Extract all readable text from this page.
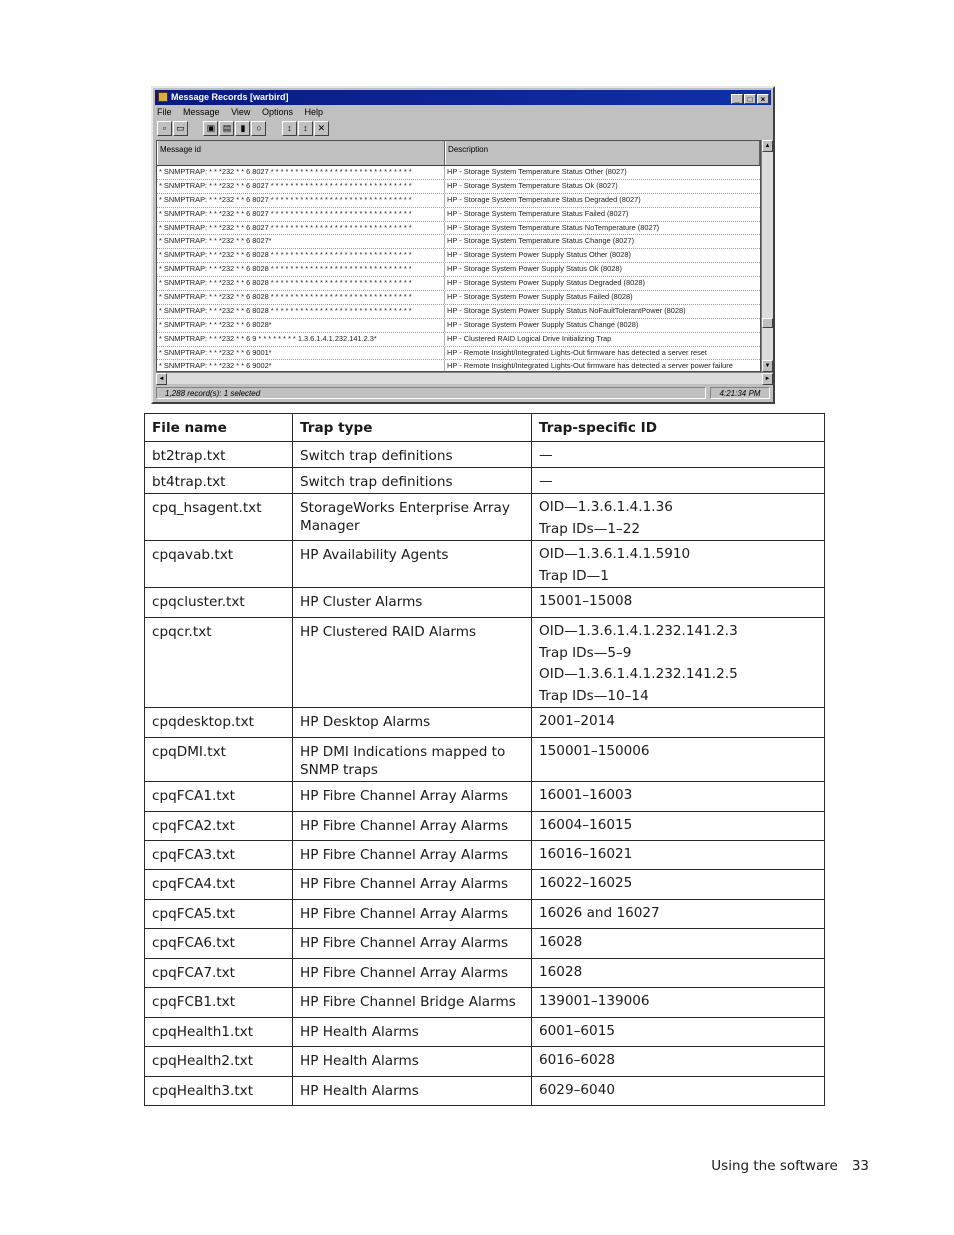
Message Records [warbird]	_ □ ×
File Message View Options Help
▫ ▭ ▣ ▤ ▮ ○	↕ ↕ ✕
Message id	Description
* SNMPTRAP: * * *232 * * 6 8027 * * * * * * * * * * * * * * * * * * * * * * * * * * * * *	HP - Storage System Temperature Status Other (8027)
* SNMPTRAP: * * *232 * * 6 8027 * * * * * * * * * * * * * * * * * * * * * * * * * * * * *	HP - Storage System Temperature Status Ok (8027)
* SNMPTRAP: * * *232 * * 6 8027 * * * * * * * * * * * * * * * * * * * * * * * * * * * * *	HP - Storage System Temperature Status Degraded (8027)
* SNMPTRAP: * * *232 * * 6 8027 * * * * * * * * * * * * * * * * * * * * * * * * * * * * *	HP - Storage System Temperature Status Failed (8027)
* SNMPTRAP: * * *232 * * 6 8027 * * * * * * * * * * * * * * * * * * * * * * * * * * * * *	HP - Storage System Temperature Status NoTemperature (8027)
* SNMPTRAP: * * *232 * * 6 8027*	HP - Storage System Temperature Status Change (8027)
* SNMPTRAP: * * *232 * * 6 8028 * * * * * * * * * * * * * * * * * * * * * * * * * * * * *	HP - Storage System Power Supply Status Other (8028)
* SNMPTRAP: * * *232 * * 6 8028 * * * * * * * * * * * * * * * * * * * * * * * * * * * * *	HP - Storage System Power Supply Status Ok (8028)
* SNMPTRAP: * * *232 * * 6 8028 * * * * * * * * * * * * * * * * * * * * * * * * * * * * *	HP - Storage System Power Supply Status Degraded (8028)
* SNMPTRAP: * * *232 * * 6 8028 * * * * * * * * * * * * * * * * * * * * * * * * * * * * *	HP - Storage System Power Supply Status Failed (8028)
* SNMPTRAP: * * *232 * * 6 8028 * * * * * * * * * * * * * * * * * * * * * * * * * * * * *	HP - Storage System Power Supply Status NoFaultTolerantPower (8028)
* SNMPTRAP: * * *232 * * 6 8028*	HP - Storage System Power Supply Status Change (8028)
* SNMPTRAP: * * *232 * * 6 9 * * * * * * * * 1.3.6.1.4.1.232.141.2.3*	HP - Clustered RAID Logical Drive Initializing Trap
* SNMPTRAP: * * *232 * * 6 9001*	HP - Remote Insight/Integrated Lights-Out firmware has detected a server reset
* SNMPTRAP: * * *232 * * 6 9002*	HP - Remote Insight/Integrated Lights-Out firmware has detected a server power failure
▲
▼
◄	►
1,288 record(s): 1 selected	4:21:34 PM
File name	Trap type	Trap-specific ID
bt2trap.txt	Switch trap definitions	—

bt4trap.txt	Switch trap definitions	—

cpq_hsagent.txt	StorageWorks Enterprise Array Manager	OID—1.3.6.1.4.1.36
Trap IDs—1–22

cpqavab.txt	HP Availability Agents	OID—1.3.6.1.4.1.5910
Trap ID—1

cpqcluster.txt	HP Cluster Alarms	15001–15008

cpqcr.txt	HP Clustered RAID Alarms	OID—1.3.6.1.4.1.232.141.2.3
Trap IDs—5–9
OID—1.3.6.1.4.1.232.141.2.5
Trap IDs—10–14

cpqdesktop.txt	HP Desktop Alarms	2001–2014

cpqDMI.txt	HP DMI Indications mapped to SNMP traps	150001–150006

cpqFCA1.txt	HP Fibre Channel Array Alarms	16001–16003

cpqFCA2.txt	HP Fibre Channel Array Alarms	16004–16015

cpqFCA3.txt	HP Fibre Channel Array Alarms	16016–16021

cpqFCA4.txt	HP Fibre Channel Array Alarms	16022–16025

cpqFCA5.txt	HP Fibre Channel Array Alarms	16026 and 16027

cpqFCA6.txt	HP Fibre Channel Array Alarms	16028

cpqFCA7.txt	HP Fibre Channel Array Alarms	16028

cpqFCB1.txt	HP Fibre Channel Bridge Alarms	139001–139006

cpqHealth1.txt	HP Health Alarms	6001–6015

cpqHealth2.txt	HP Health Alarms	6016–6028

cpqHealth3.txt	HP Health Alarms	6029–6040
Using the software 33
